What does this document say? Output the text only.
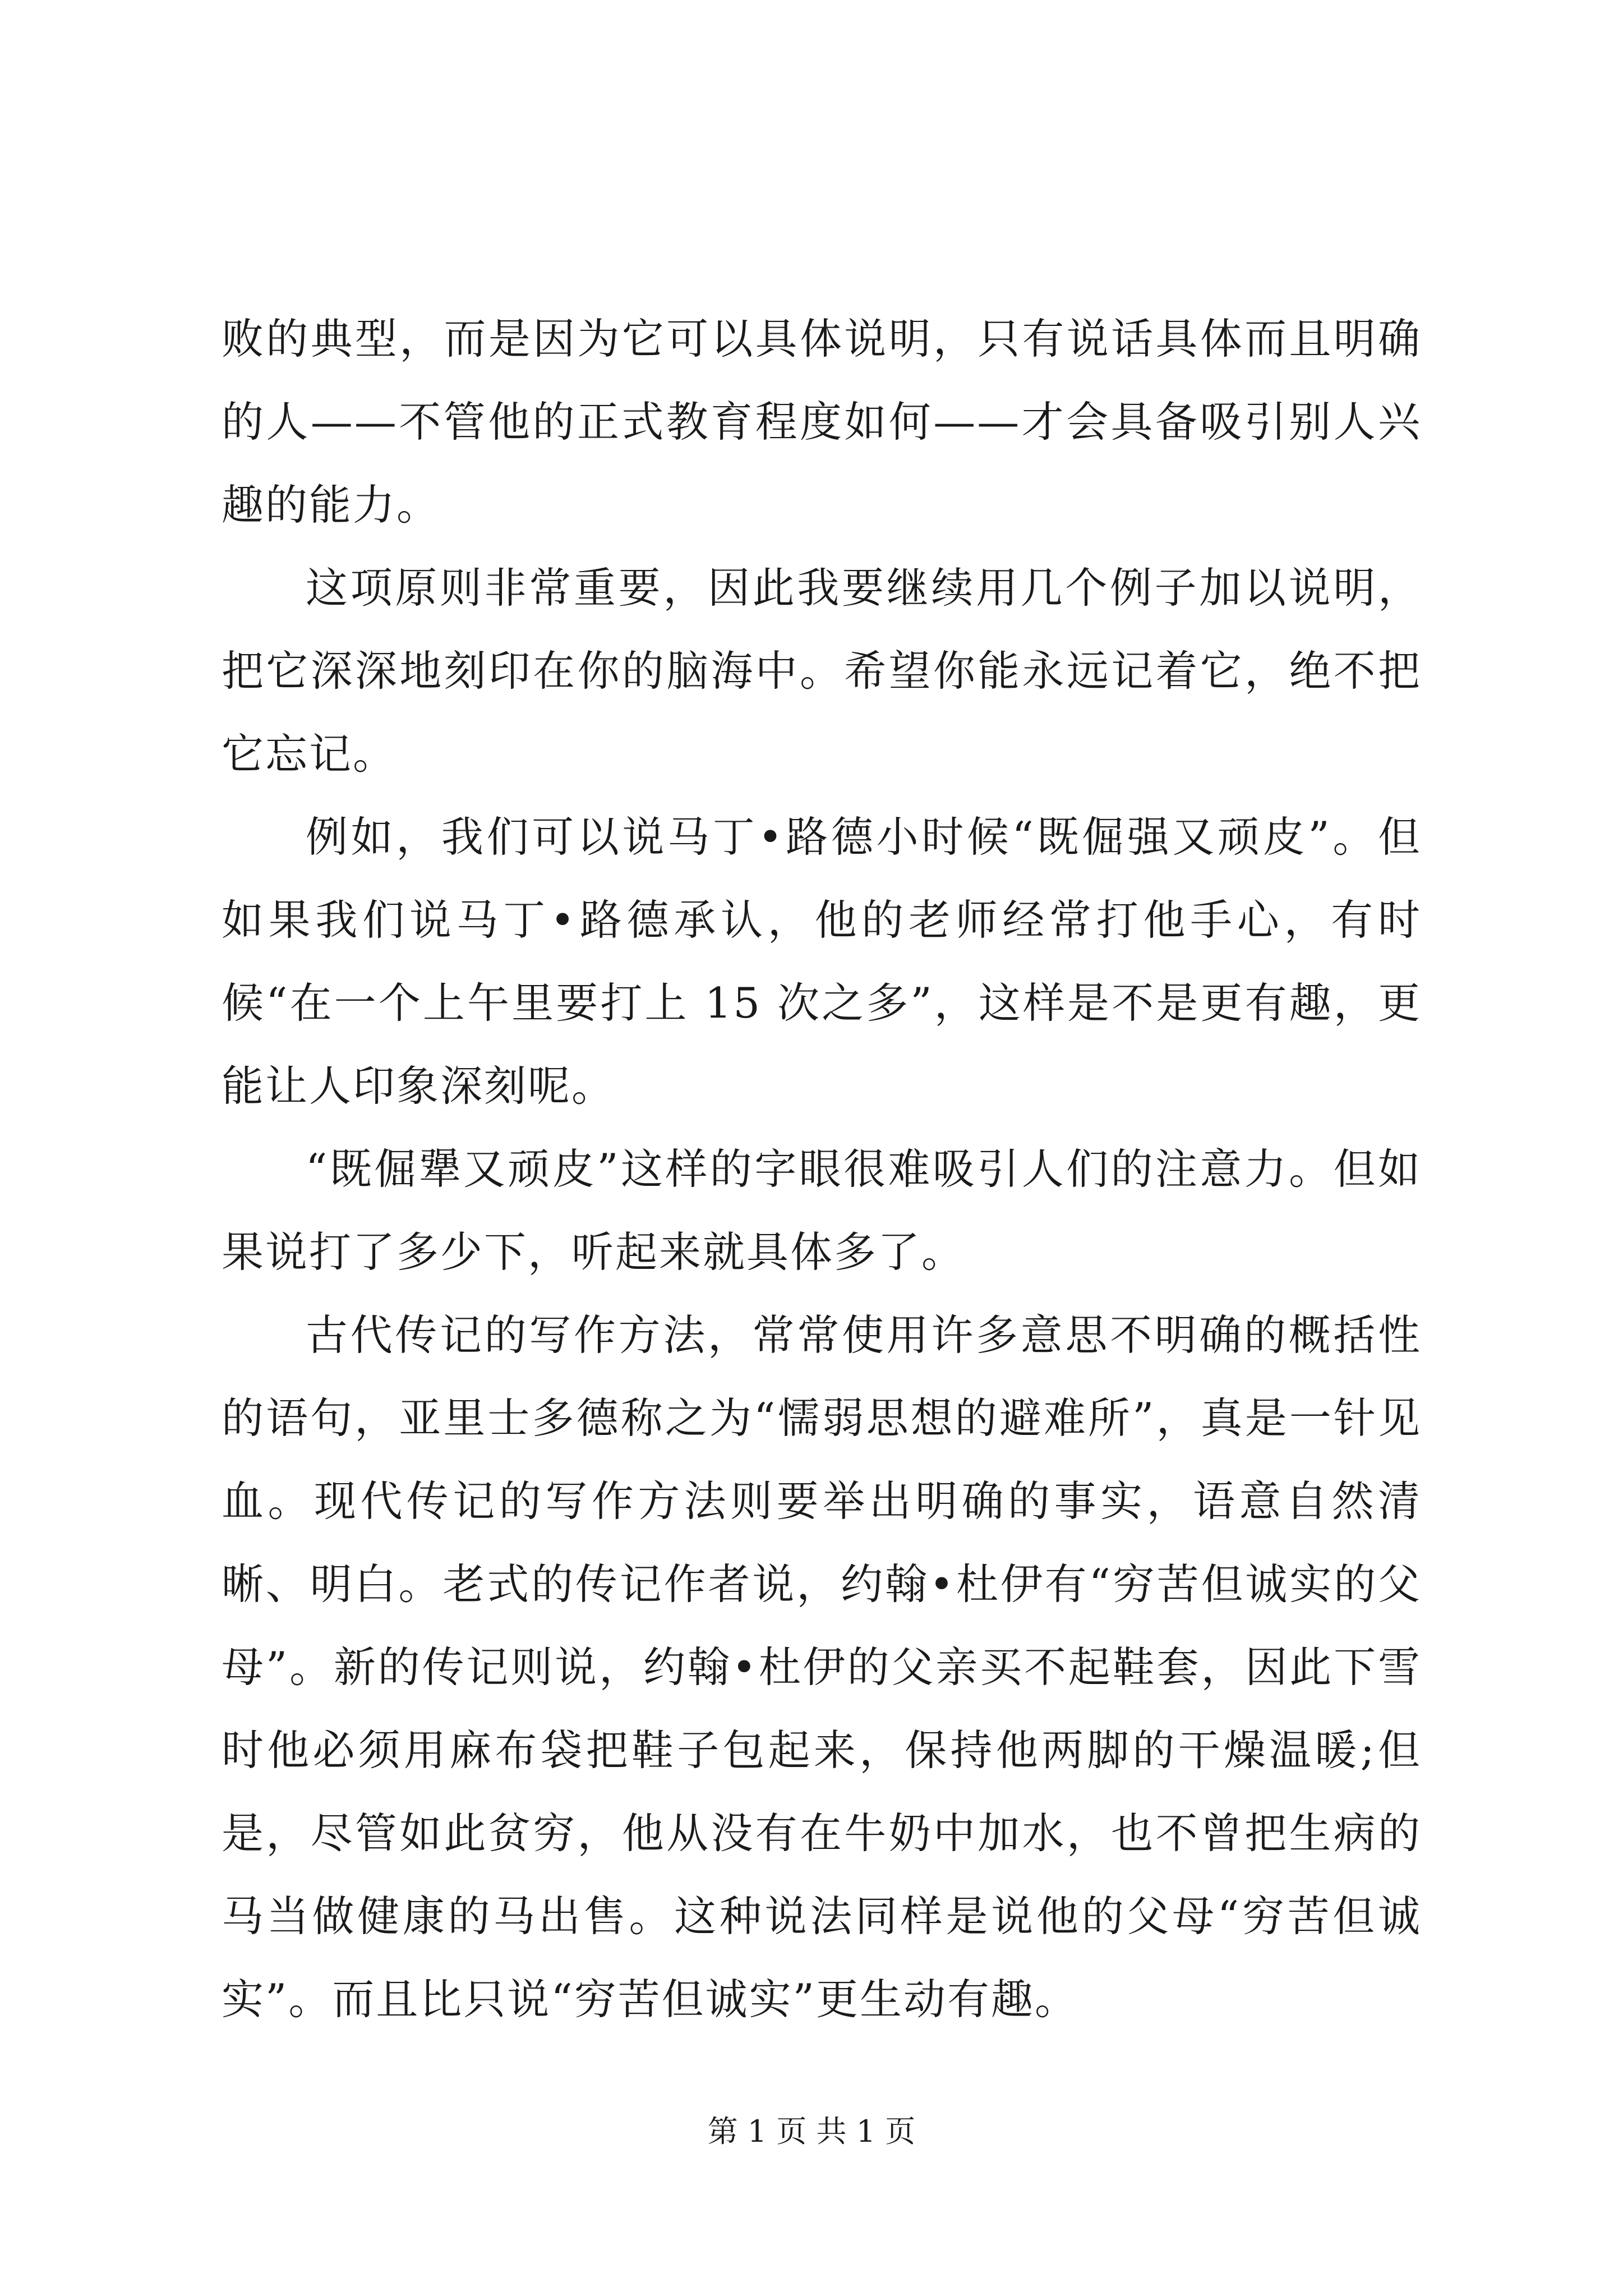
败的典型，而是因为它可以具体说明，只有说话具体而且明确的人——不管他的正式教育程度如何——才会具备吸引别人兴趣的能力。

这项原则非常重要，因此我要继续用几个例子加以说明，把它深深地刻印在你的脑海中。希望你能永远记着它，绝不把它忘记。

例如，我们可以说马丁•路德小时候“既倔强又顽皮”。但如果我们说马丁•路德承认，他的老师经常打他手心，有时候“在一个上午里要打上 15 次之多”，这样是不是更有趣，更能让人印象深刻呢。

“既倔犟又顽皮”这样的字眼很难吸引人们的注意力。但如果说打了多少下，听起来就具体多了。

古代传记的写作方法，常常使用许多意思不明确的概括性的语句，亚里士多德称之为“懦弱思想的避难所”，真是一针见血。现代传记的写作方法则要举出明确的事实，语意自然清晰、明白。老式的传记作者说，约翰•杜伊有“穷苦但诚实的父母”。新的传记则说，约翰•杜伊的父亲买不起鞋套，因此下雪时他必须用麻布袋把鞋子包起来，保持他两脚的干燥温暖;但是，尽管如此贫穷，他从没有在牛奶中加水，也不曾把生病的马当做健康的马出售。这种说法同样是说他的父母“穷苦但诚实”。而且比只说“穷苦但诚实”更生动有趣。

第 1 页 共 1 页
